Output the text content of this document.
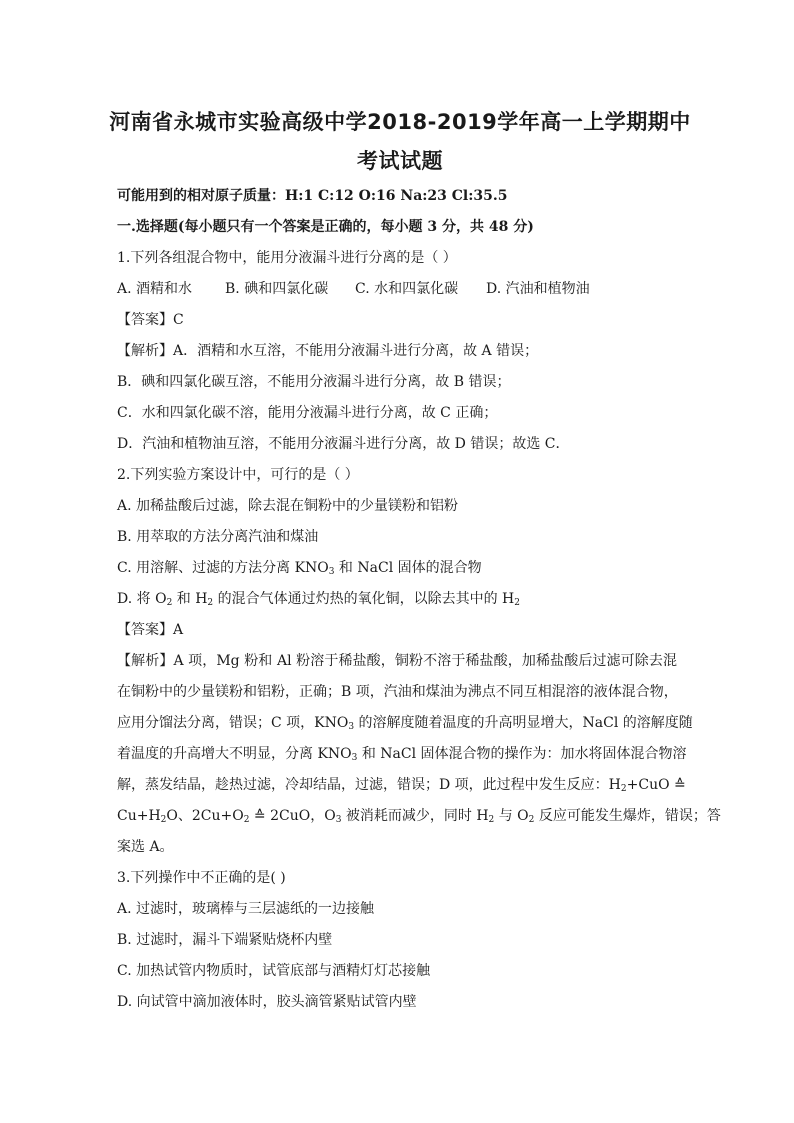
河南省永城市实验高级中学2018-2019学年高一上学期期中
考试试题
可能用到的相对原子质量：H:1 C:12 O:16 Na:23 Cl:35.5
一.选择题(每小题只有一个答案是正确的，每小题 3 分，共 48 分)
1.下列各组混合物中，能用分液漏斗进行分离的是（ ）
A. 酒精和水 B. 碘和四氯化碳 C. 水和四氯化碳 D. 汽油和植物油
【答案】C
【解析】A．酒精和水互溶，不能用分液漏斗进行分离，故 A 错误；
B．碘和四氯化碳互溶，不能用分液漏斗进行分离，故 B 错误；
C．水和四氯化碳不溶，能用分液漏斗进行分离，故 C 正确；
D．汽油和植物油互溶，不能用分液漏斗进行分离，故 D 错误；故选 C．
2.下列实验方案设计中，可行的是（ ）
A. 加稀盐酸后过滤，除去混在铜粉中的少量镁粉和铝粉
B. 用萃取的方法分离汽油和煤油
C. 用溶解、过滤的方法分离 $KNO_3$ 和 NaCl 固体的混合物
D. 将 $O_2$ 和 $H_2$ 的混合气体通过灼热的氧化铜，以除去其中的 $H_2$
【答案】A
【解析】A 项，Mg 粉和 Al 粉溶于稀盐酸，铜粉不溶于稀盐酸，加稀盐酸后过滤可除去混
在铜粉中的少量镁粉和铝粉，正确；B 项，汽油和煤油为沸点不同互相混溶的液体混合物，
应用分馏法分离，错误；C 项，$KNO_3$ 的溶解度随着温度的升高明显增大，NaCl 的溶解度随
着温度的升高增大不明显，分离 $KNO_3$ 和 NaCl 固体混合物的操作为：加水将固体混合物溶
解，蒸发结晶，趁热过滤，冷却结晶，过滤，错误；D 项，此过程中发生反应：$H_2+CuO$ ≙
$Cu+H_2O$、$2Cu+O_2$ ≙ 2CuO，$O_3$ 被消耗而减少，同时 $H_2$ 与 $O_2$ 反应可能发生爆炸，错误；答
案选 A。
3.下列操作中不正确的是( )
A. 过滤时，玻璃棒与三层滤纸的一边接触
B. 过滤时，漏斗下端紧贴烧杯内壁
C. 加热试管内物质时，试管底部与酒精灯灯芯接触
D. 向试管中滴加液体时，胶头滴管紧贴试管内壁
